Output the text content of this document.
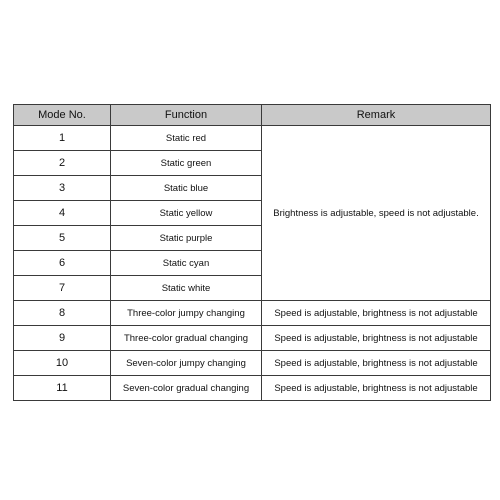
Mode No.	Function	Remark
1	Static red	Brightness is adjustable, speed is not adjustable.
2	Static green	
3	Static blue	
4	Static yellow	
5	Static purple	
6	Static cyan	
7	Static white	
8	Three-color jumpy changing	Speed is adjustable, brightness is not adjustable
9	Three-color gradual changing	Speed is adjustable, brightness is not adjustable
10	Seven-color jumpy changing	Speed is adjustable, brightness is not adjustable
11	Seven-color gradual changing	Speed is adjustable, brightness is not adjustable
